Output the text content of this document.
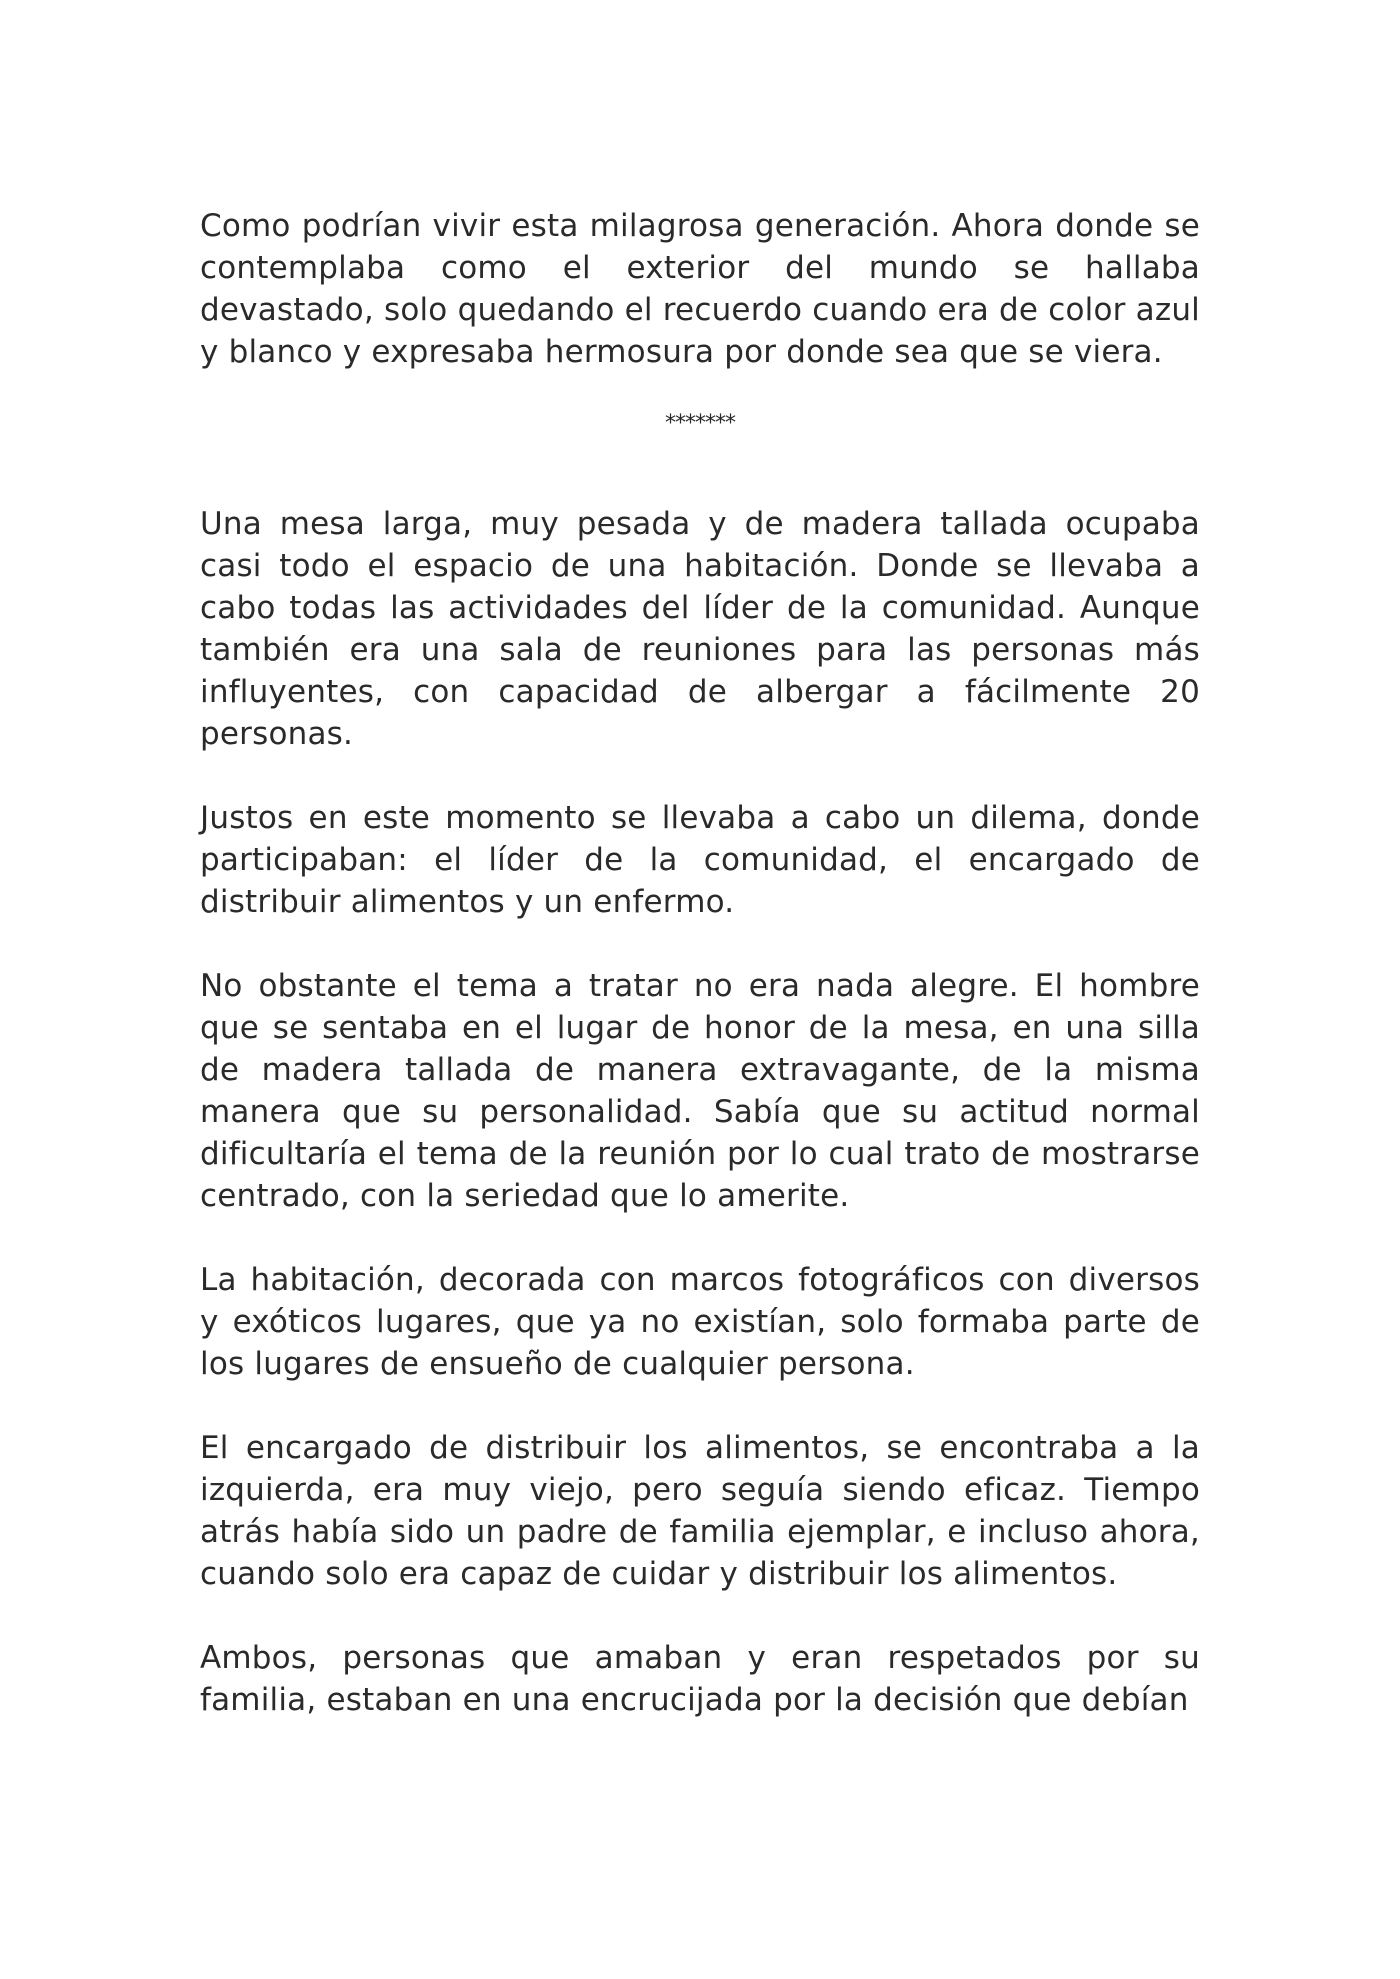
Como podrían vivir esta milagrosa generación. Ahora donde se contemplaba como el exterior del mundo se hallaba devastado, solo quedando el recuerdo cuando era de color azul y blanco y expresaba hermosura por donde sea que se viera.

*******

Una mesa larga, muy pesada y de madera tallada ocupaba casi todo el espacio de una habitación. Donde se llevaba a cabo todas las actividades del líder de la comunidad. Aunque también era una sala de reuniones para las personas más influyentes, con capacidad de albergar a fácilmente 20 personas.

Justos en este momento se llevaba a cabo un dilema, donde participaban: el líder de la comunidad, el encargado de distribuir alimentos y un enfermo.

No obstante el tema a tratar no era nada alegre. El hombre que se sentaba en el lugar de honor de la mesa, en una silla de madera tallada de manera extravagante, de la misma manera que su personalidad. Sabía que su actitud normal dificultaría el tema de la reunión por lo cual trato de mostrarse centrado, con la seriedad que lo amerite.

La habitación, decorada con marcos fotográficos con diversos y exóticos lugares, que ya no existían, solo formaba parte de los lugares de ensueño de cualquier persona.

El encargado de distribuir los alimentos, se encontraba a la izquierda, era muy viejo, pero seguía siendo eficaz. Tiempo atrás había sido un padre de familia ejemplar, e incluso ahora, cuando solo era capaz de cuidar y distribuir los alimentos.

Ambos, personas que amaban y eran respetados por su familia, estaban en una encrucijada por la decisión que debían
